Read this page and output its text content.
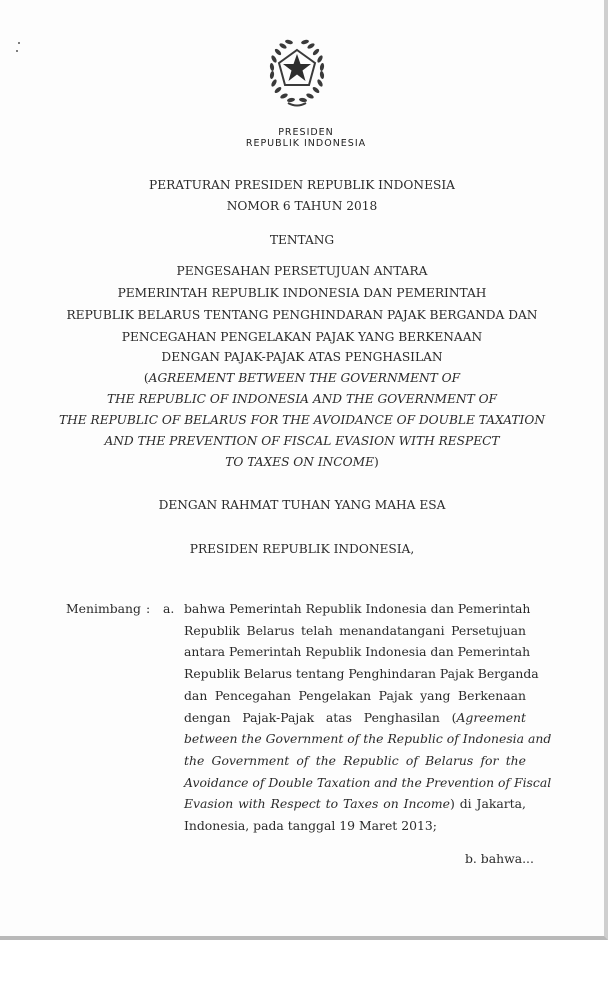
PRESIDEN
REPUBLIK INDONESIA
PERATURAN PRESIDEN REPUBLIK INDONESIA
NOMOR 6 TAHUN 2018
TENTANG
PENGESAHAN PERSETUJUAN ANTARA
PEMERINTAH REPUBLIK INDONESIA DAN PEMERINTAH
REPUBLIK BELARUS TENTANG PENGHINDARAN PAJAK BERGANDA DAN
PENCEGAHAN PENGELAKAN PAJAK YANG BERKENAAN
DENGAN PAJAK-PAJAK ATAS PENGHASILAN
(AGREEMENT BETWEEN THE GOVERNMENT OF
THE REPUBLIC OF INDONESIA AND THE GOVERNMENT OF
THE REPUBLIC OF BELARUS FOR THE AVOIDANCE OF DOUBLE TAXATION
AND THE PREVENTION OF FISCAL EVASION WITH RESPECT
TO TAXES ON INCOME)
DENGAN RAHMAT TUHAN YANG MAHA ESA
PRESIDEN REPUBLIK INDONESIA,
Menimbang : a. bahwa Pemerintah Republik Indonesia dan Pemerintah
Republik Belarus telah menandatangani Persetujuan
antara Pemerintah Republik Indonesia dan Pemerintah
Republik Belarus tentang Penghindaran Pajak Berganda
dan Pencegahan Pengelakan Pajak yang Berkenaan
dengan Pajak-Pajak atas Penghasilan (Agreement
between the Government of the Republic of Indonesia and
the Government of the Republic of Belarus for the
Avoidance of Double Taxation and the Prevention of Fiscal
Evasion with Respect to Taxes on Income) di Jakarta,
Indonesia, pada tanggal 19 Maret 2013;
b. bahwa...
